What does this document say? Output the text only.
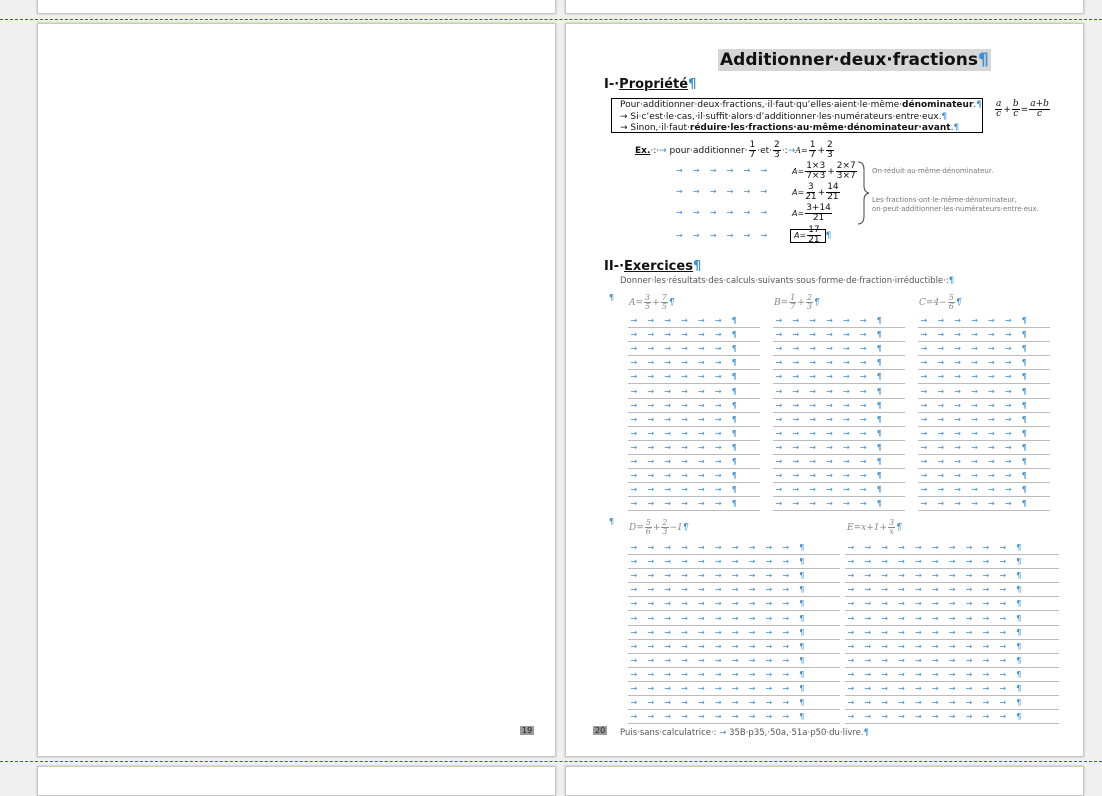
19
Additionner·deux·fractions¶
I-·Propriété¶
Pour·additionner·deux·fractions,·il·faut·qu’elles·aient·le·même·dénominateur.¶
→ Si·c’est·le·cas,·il·suffit·alors·d’additionner·les·numérateurs·entre·eux.¶
→ Sinon,·il·faut·réduire·les·fractions·au·même·dénominateur·avant.¶
$\frac{a}{c} + \frac{b}{c} = \frac{a+b}{c}$
Ex.·:·→ pour·additionner· $\frac{1}{7} \cdot et\cdot \frac{2}{3}$ ·:→A= $\frac{1}{7} + \frac{2}{3}$
→    →    →    →    →    →	$A= \frac{1\times 3}{7\times 3} + \frac{2\times 7}{3\times 7}$ On·réduit·au·même·dénominateur.
→    →    →    →    →    →	$A= \frac{3}{21} + \frac{14}{21}$	Les·fractions·ont·le·même·dénominateur,
on·peut·additionner·les·numérateurs·entre·eux.
→    →    →    →    →    →	$A= \frac{3+14}{21}$
→    →    →    →    →    →	$A= \frac{17}{21}$ ¶
II-·Exercices¶
Donner·les·résultats·des·calculs·suivants·sous·forme·de·fraction·irréductible·:¶
¶
$A= \frac{3}{5} + \frac{7}{5}$ ¶	$B= \frac{1}{7} + \frac{2}{3}$ ¶	$C=4- \frac{5}{6}$ ¶
→    →    →    →    →    →    ¶	→    →    →    →    →    →    ¶	→    →    →    →    →    →    ¶
→    →    →    →    →    →    ¶	→    →    →    →    →    →    ¶	→    →    →    →    →    →    ¶
→    →    →    →    →    →    ¶	→    →    →    →    →    →    ¶	→    →    →    →    →    →    ¶
→    →    →    →    →    →    ¶	→    →    →    →    →    →    ¶	→    →    →    →    →    →    ¶
→    →    →    →    →    →    ¶	→    →    →    →    →    →    ¶	→    →    →    →    →    →    ¶
→    →    →    →    →    →    ¶	→    →    →    →    →    →    ¶	→    →    →    →    →    →    ¶
→    →    →    →    →    →    ¶	→    →    →    →    →    →    ¶	→    →    →    →    →    →    ¶
→    →    →    →    →    →    ¶	→    →    →    →    →    →    ¶	→    →    →    →    →    →    ¶
→    →    →    →    →    →    ¶	→    →    →    →    →    →    ¶	→    →    →    →    →    →    ¶
→    →    →    →    →    →    ¶	→    →    →    →    →    →    ¶	→    →    →    →    →    →    ¶
→    →    →    →    →    →    ¶	→    →    →    →    →    →    ¶	→    →    →    →    →    →    ¶
→    →    →    →    →    →    ¶	→    →    →    →    →    →    ¶	→    →    →    →    →    →    ¶
→    →    →    →    →    →    ¶	→    →    →    →    →    →    ¶	→    →    →    →    →    →    ¶
→    →    →    →    →    →    ¶	→    →    →    →    →    →    ¶	→    →    →    →    →    →    ¶
¶
$D= \frac{5}{6} + \frac{2}{3}$ −1¶	$E=x+1+ \frac{3}{x}$ ¶
→    →    →    →    →    →    →    →    →    →    ¶	→    →    →    →    →    →    →    →    →    →    ¶
→    →    →    →    →    →    →    →    →    →    ¶	→    →    →    →    →    →    →    →    →    →    ¶
→    →    →    →    →    →    →    →    →    →    ¶	→    →    →    →    →    →    →    →    →    →    ¶
→    →    →    →    →    →    →    →    →    →    ¶	→    →    →    →    →    →    →    →    →    →    ¶
→    →    →    →    →    →    →    →    →    →    ¶	→    →    →    →    →    →    →    →    →    →    ¶
→    →    →    →    →    →    →    →    →    →    ¶	→    →    →    →    →    →    →    →    →    →    ¶
→    →    →    →    →    →    →    →    →    →    ¶	→    →    →    →    →    →    →    →    →    →    ¶
→    →    →    →    →    →    →    →    →    →    ¶	→    →    →    →    →    →    →    →    →    →    ¶
→    →    →    →    →    →    →    →    →    →    ¶	→    →    →    →    →    →    →    →    →    →    ¶
→    →    →    →    →    →    →    →    →    →    ¶	→    →    →    →    →    →    →    →    →    →    ¶
→    →    →    →    →    →    →    →    →    →    ¶	→    →    →    →    →    →    →    →    →    →    ¶
→    →    →    →    →    →    →    →    →    →    ¶	→    →    →    →    →    →    →    →    →    →    ¶
→    →    →    →    →    →    →    →    →    →    ¶	→    →    →    →    →    →    →    →    →    →    ¶
20 Puis·sans·calculatrice·: → 35B·p35,·50a,·51a·p50·du·livre.¶
